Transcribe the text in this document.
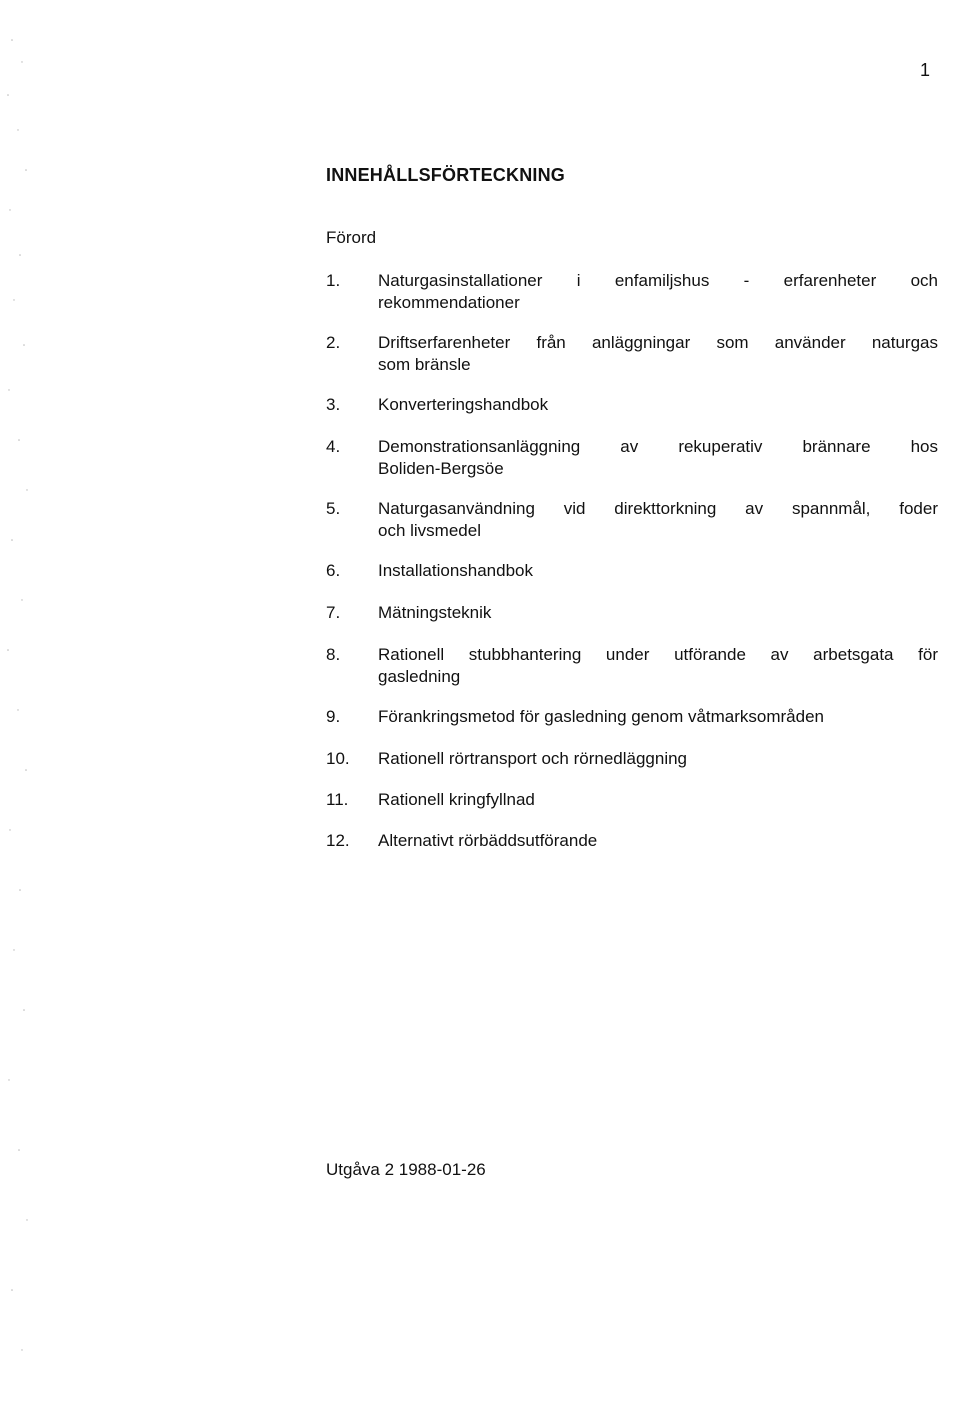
1
INNEHÅLLSFÖRTECKNING
Förord
1.	Naturgasinstallationer i enfamiljshus - erfarenheter och
rekommendationer
2.	Driftserfarenheter från anläggningar som använder naturgas
som bränsle
3.	Konverteringshandbok
4.	Demonstrationsanläggning av rekuperativ brännare hos
Boliden-Bergsöe
5.	Naturgasanvändning vid direkttorkning av spannmål, foder
och livsmedel
6.	Installationshandbok
7.	Mätningsteknik
8.	Rationell stubbhantering under utförande av arbetsgata för
gasledning
9.	Förankringsmetod för gasledning genom våtmarksområden
10.	Rationell rörtransport och rörnedläggning
11.	Rationell kringfyllnad
12.	Alternativt rörbäddsutförande
Utgåva 2 1988-01-26
